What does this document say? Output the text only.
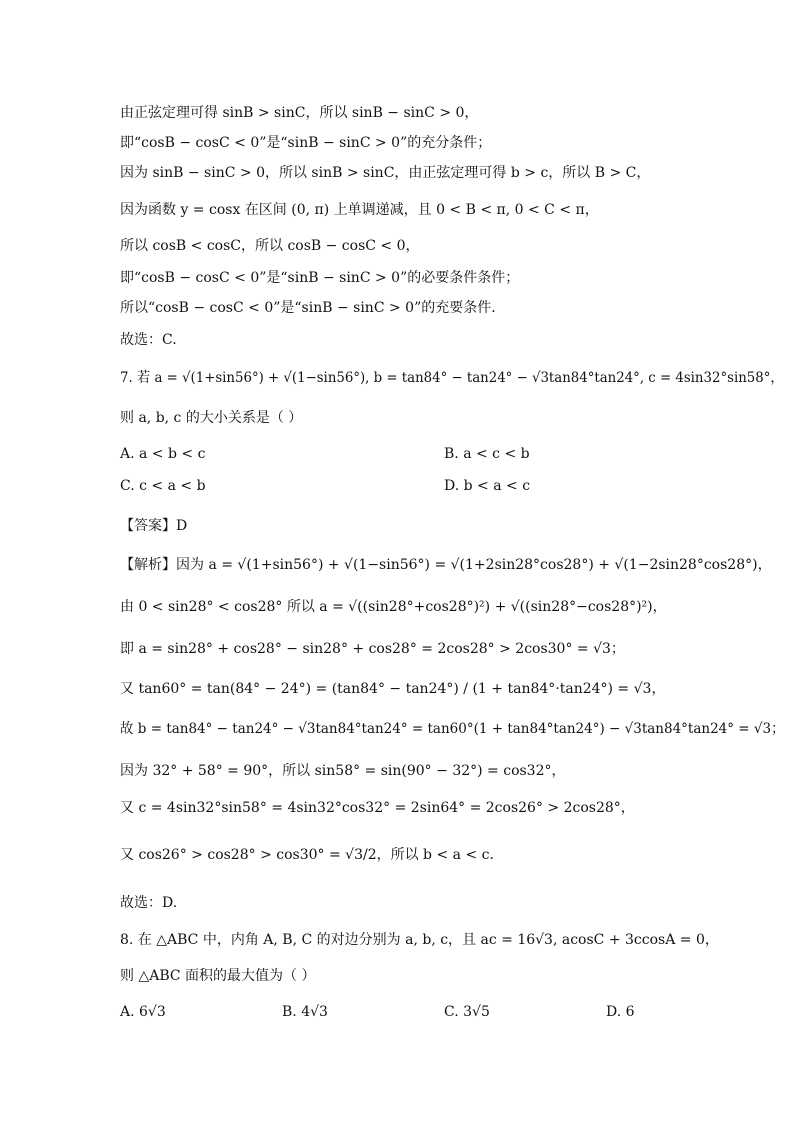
由正弦定理可得 sinB > sinC，所以 sinB − sinC > 0，
即“cosB − cosC < 0”是“sinB − sinC > 0”的充分条件；
因为 sinB − sinC > 0，所以 sinB > sinC，由正弦定理可得 b > c，所以 B > C，
因为函数 y = cosx 在区间 (0, π) 上单调递减，且 0 < B < π, 0 < C < π，
所以 cosB < cosC，所以 cosB − cosC < 0，
即“cosB − cosC < 0”是“sinB − sinC > 0”的必要条件条件；
所以“cosB − cosC < 0”是“sinB − sinC > 0”的充要条件．
故选：C.
7. 若 a = √(1+sin56°) + √(1−sin56°), b = tan84° − tan24° − √3tan84°tan24°, c = 4sin32°sin58°，
则 a, b, c 的大小关系是（ ）
A. a < b < c	B. a < c < b
C. c < a < b	D. b < a < c
【答案】D
【解析】因为 a = √(1+sin56°) + √(1−sin56°) = √(1+2sin28°cos28°) + √(1−2sin28°cos28°)，
由 0 < sin28° < cos28° 所以 a = √((sin28°+cos28°)²) + √((sin28°−cos28°)²)，
即 a = sin28° + cos28° − sin28° + cos28° = 2cos28° > 2cos30° = √3；
又 tan60° = tan(84° − 24°) = (tan84° − tan24°) / (1 + tan84°·tan24°) = √3，
故 b = tan84° − tan24° − √3tan84°tan24° = tan60°(1 + tan84°tan24°) − √3tan84°tan24° = √3；
因为 32° + 58° = 90°，所以 sin58° = sin(90° − 32°) = cos32°，
又 c = 4sin32°sin58° = 4sin32°cos32° = 2sin64° = 2cos26° > 2cos28°，
又 cos26° > cos28° > cos30° = √3/2，所以 b < a < c．
故选：D.
8. 在 △ABC 中，内角 A, B, C 的对边分别为 a, b, c，且 ac = 16√3, acosC + 3ccosA = 0，
则 △ABC 面积的最大值为（ ）
A. 6√3	B. 4√3	C. 3√5	D. 6
